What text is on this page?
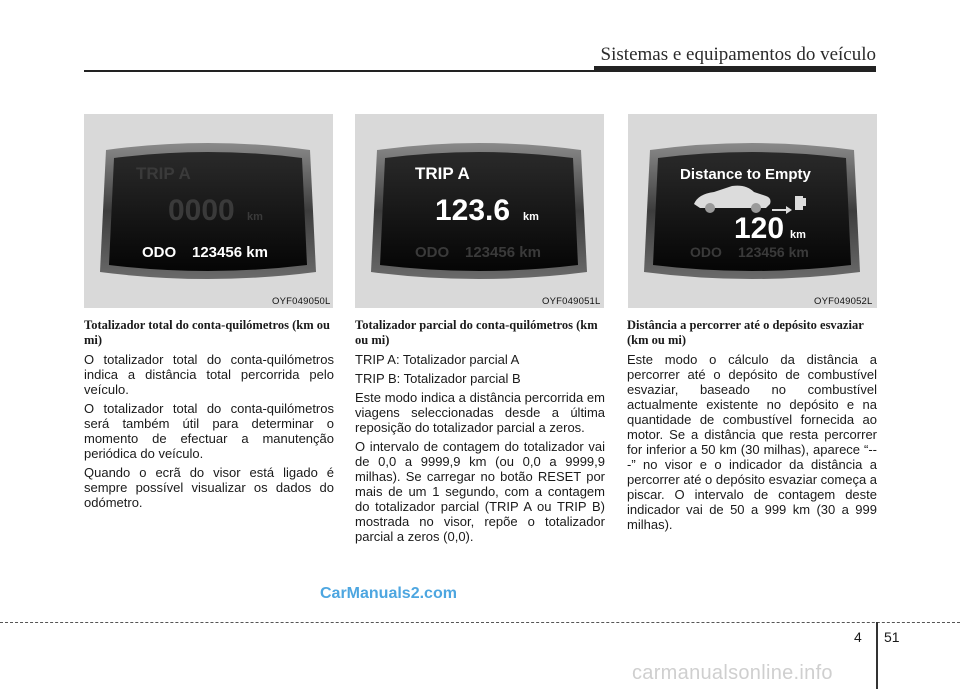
Sistemas e equipamentos do veículo
TRIP A
0000 km
ODO 123456 km
OYF049050L
TRIP A
123.6 km
ODO 123456 km
OYF049051L
Distance to Empty
120 km
ODO 123456 km
OYF049052L
Totalizador total do conta-quilómetros (km ou mi)

O totalizador total do conta-quilómetros indica a distância total percorrida pelo veículo.

O totalizador total do conta-quilómetros será também útil para determinar o momento de efectuar a manutenção periódica do veículo.

Quando o ecrã do visor está ligado é sempre possível visualizar os dados do odómetro.

Totalizador parcial do conta-quilómetros (km ou mi)

TRIP A: Totalizador parcial A

TRIP B: Totalizador parcial B

Este modo indica a distância percorrida em viagens seleccionadas desde a última reposição do totalizador parcial a zeros.

O intervalo de contagem do totalizador vai de 0,0 a 9999,9 km (ou 0,0 a 9999,9 milhas). Se carregar no botão RESET por mais de um 1 segundo, com a contagem do totalizador parcial (TRIP A ou TRIP B) mostrada no visor, repõe o totalizador parcial a zeros (0,0).

Distância a percorrer até o depósito esvaziar (km ou mi)

Este modo o cálculo da distância a percorrer até o depósito de combustível esvaziar, baseado no combustível actualmente existente no depósito e na quantidade de combustível fornecida ao motor. Se a distância que resta percorrer for inferior a 50 km (30 milhas), aparece “---” no visor e o indicador da distância a percorrer até o depósito esvaziar começa a piscar. O intervalo de contagem deste indicador vai de 50 a 999 km (30 a 999 milhas).

CarManuals2.com
4 51
carmanualsonline.info
